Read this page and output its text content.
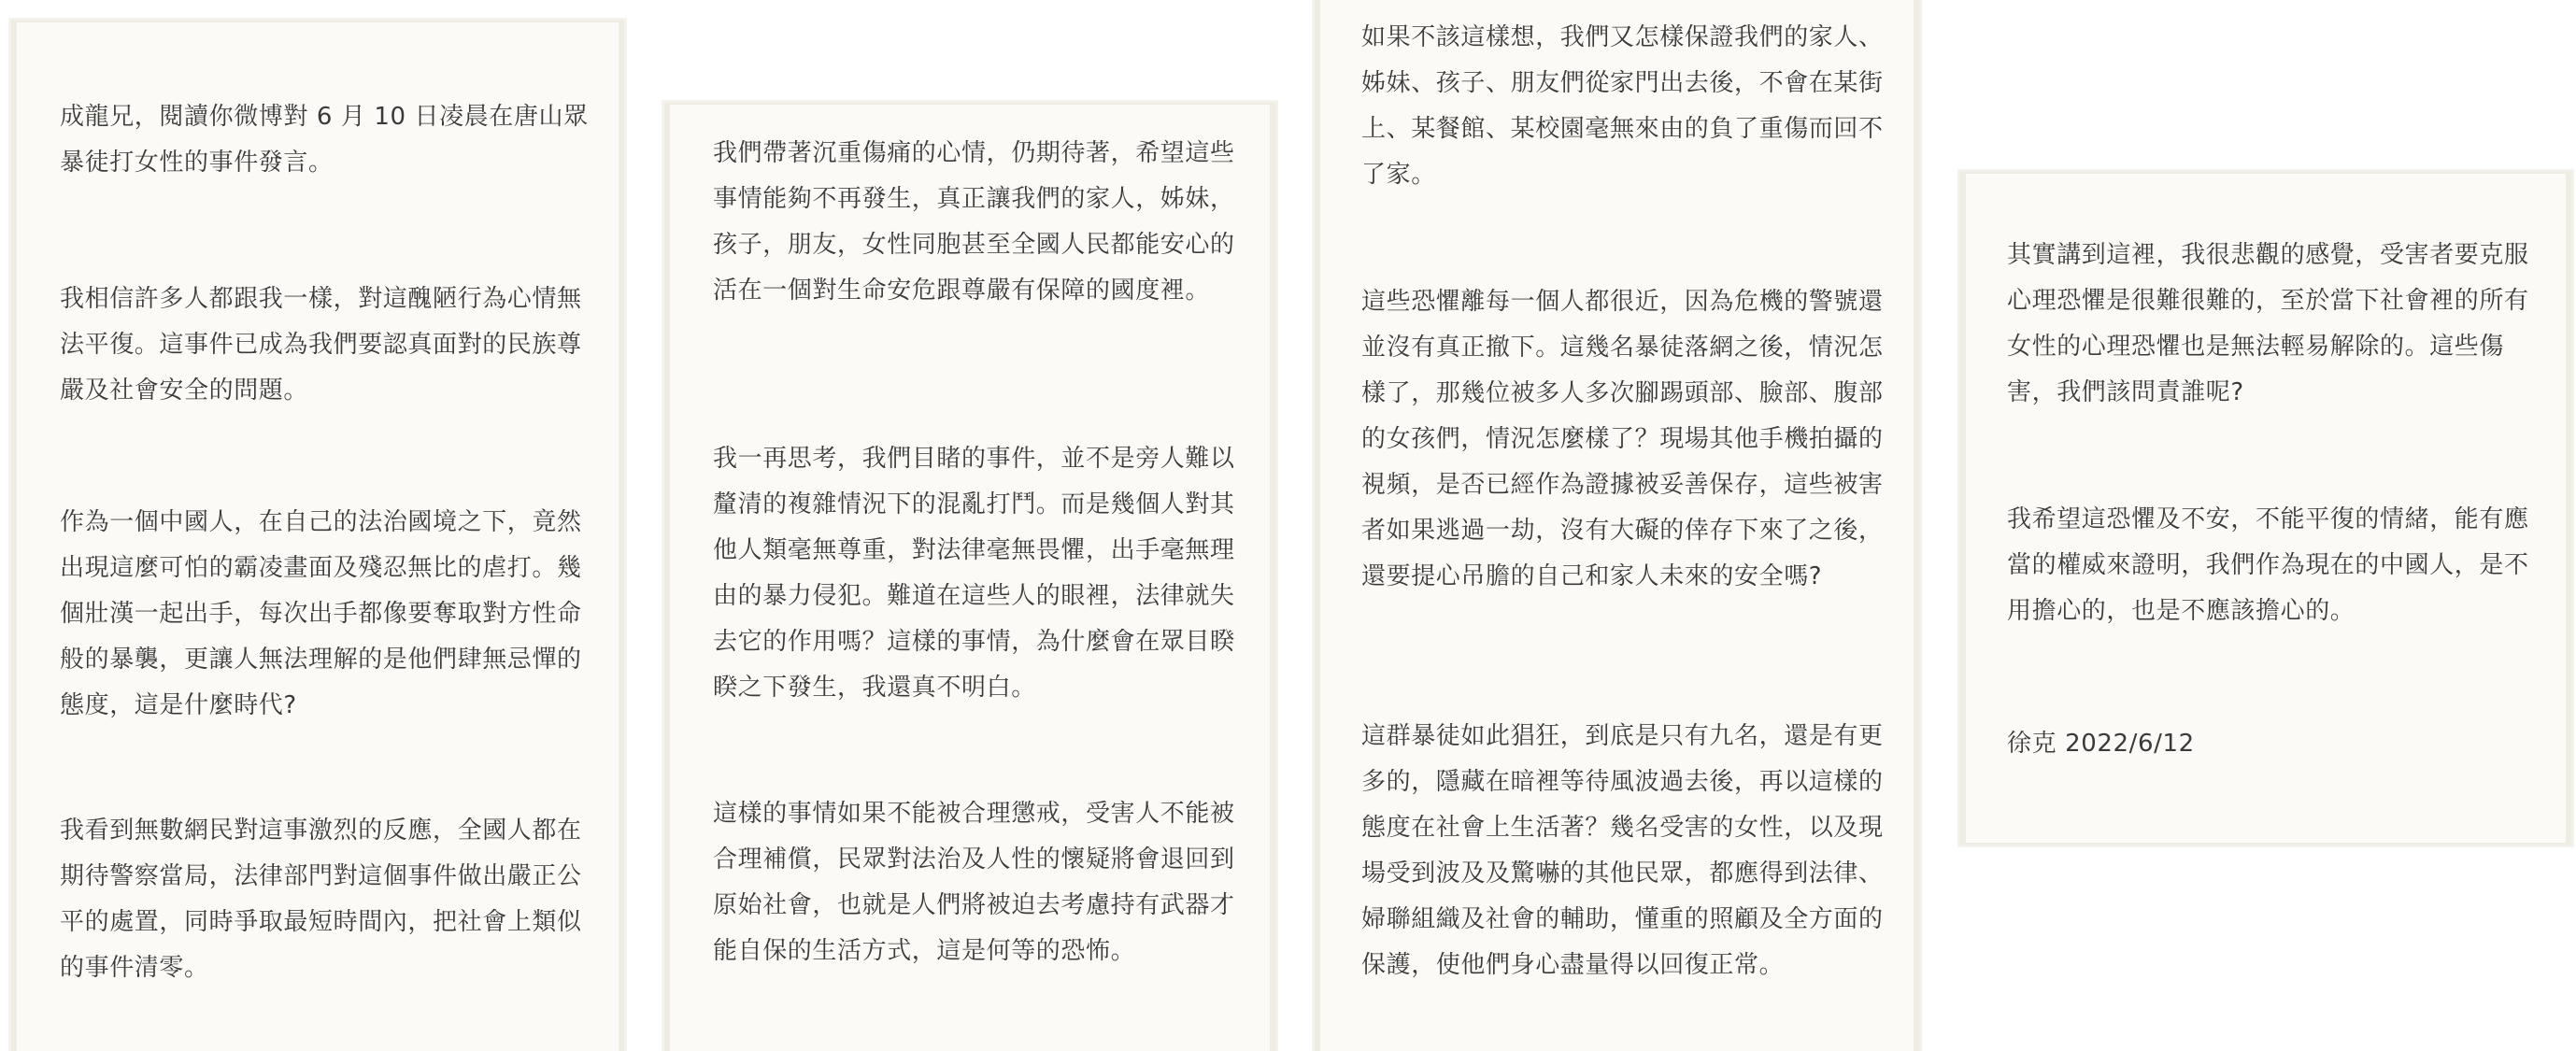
成龍兄，閱讀你微博對 6 月 10 日凌晨在唐山眾暴徒打女性的事件發言。

我相信許多人都跟我一樣，對這醜陋行為心情無法平復。這事件已成為我們要認真面對的民族尊嚴及社會安全的問題。

作為一個中國人，在自己的法治國境之下，竟然出現這麼可怕的霸凌畫面及殘忍無比的虐打。幾個壯漢一起出手，每次出手都像要奪取對方性命般的暴襲，更讓人無法理解的是他們肆無忌憚的態度，這是什麼時代?

我看到無數網民對這事激烈的反應，全國人都在期待警察當局，法律部門對這個事件做出嚴正公平的處置，同時爭取最短時間內，把社會上類似的事件清零。

我們帶著沉重傷痛的心情，仍期待著，希望這些事情能夠不再發生，真正讓我們的家人，姊妹，孩子，朋友，女性同胞甚至全國人民都能安心的活在一個對生命安危跟尊嚴有保障的國度裡。

我一再思考，我們目睹的事件，並不是旁人難以釐清的複雜情況下的混亂打鬥。而是幾個人對其他人類毫無尊重，對法律毫無畏懼，出手毫無理由的暴力侵犯。難道在這些人的眼裡，法律就失去它的作用嗎？這樣的事情，為什麼會在眾目睽睽之下發生，我還真不明白。

這樣的事情如果不能被合理懲戒，受害人不能被合理補償，民眾對法治及人性的懷疑將會退回到原始社會，也就是人們將被迫去考慮持有武器才能自保的生活方式，這是何等的恐怖。

如果不該這樣想，我們又怎樣保證我們的家人、姊妹、孩子、朋友們從家門出去後，不會在某街上、某餐館、某校園毫無來由的負了重傷而回不了家。

這些恐懼離每一個人都很近，因為危機的警號還並沒有真正撤下。這幾名暴徒落網之後，情況怎樣了，那幾位被多人多次腳踢頭部、臉部、腹部的女孩們，情況怎麼樣了？現場其他手機拍攝的視頻，是否已經作為證據被妥善保存，這些被害者如果逃過一劫，沒有大礙的倖存下來了之後，還要提心吊膽的自己和家人未來的安全嗎?

這群暴徒如此猖狂，到底是只有九名，還是有更多的，隱藏在暗裡等待風波過去後，再以這樣的態度在社會上生活著？幾名受害的女性，以及現場受到波及及驚嚇的其他民眾，都應得到法律、婦聯組織及社會的輔助，懂重的照顧及全方面的保護，使他們身心盡量得以回復正常。

其實講到這裡，我很悲觀的感覺，受害者要克服心理恐懼是很難很難的，至於當下社會裡的所有女性的心理恐懼也是無法輕易解除的。這些傷害，我們該問責誰呢?

我希望這恐懼及不安，不能平復的情緒，能有應當的權威來證明，我們作為現在的中國人，是不用擔心的，也是不應該擔心的。

徐克 2022/6/12
